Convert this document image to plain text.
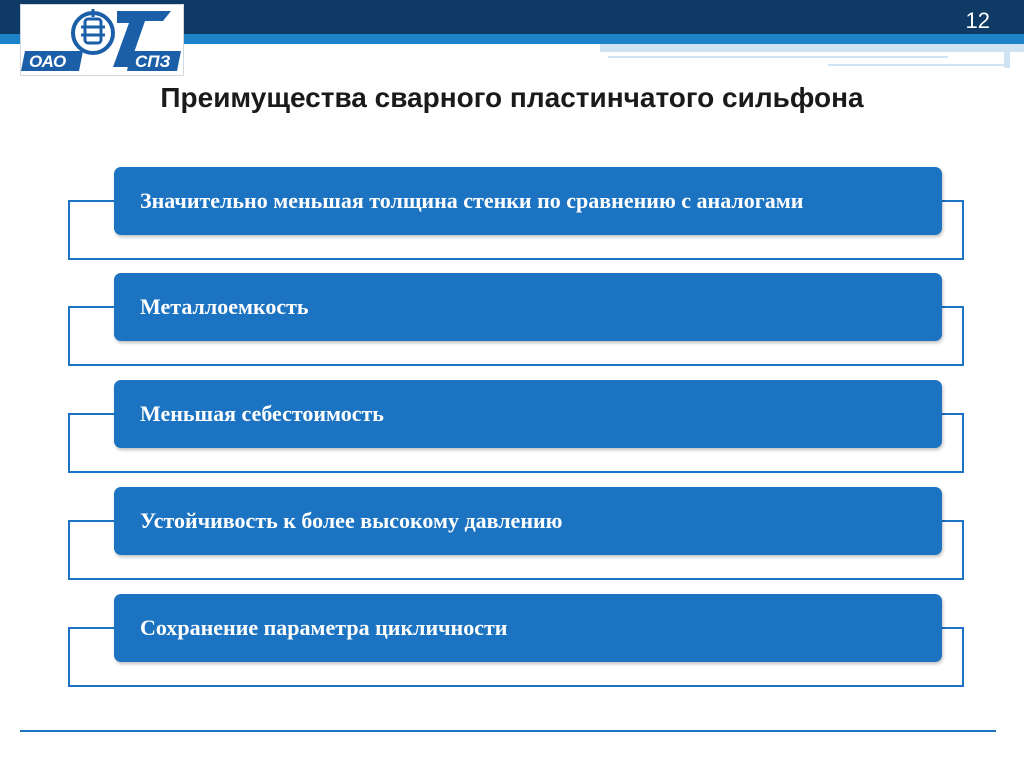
ОАО	СПЗ
12
Преимущества сварного пластинчатого сильфона
Значительно меньшая толщина стенки по сравнению с аналогами
Металлоемкость
Меньшая себестоимость
Устойчивость к более высокому давлению
Сохранение параметра цикличности
